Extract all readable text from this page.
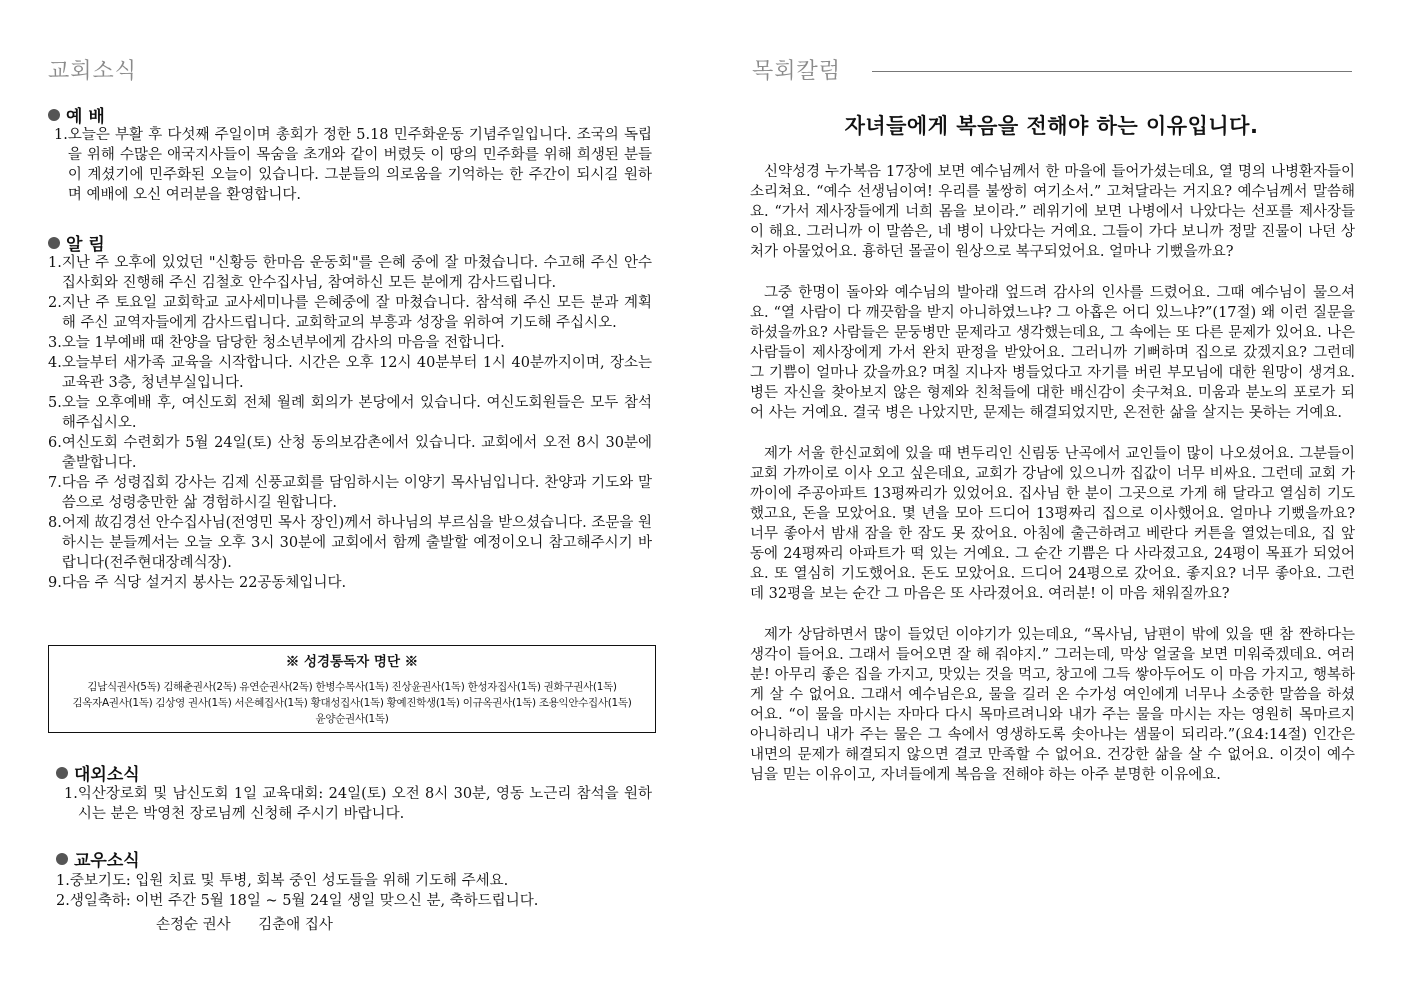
교회소식
예 배
1. 오늘은 부활 후 다섯째 주일이며 총회가 정한 5.18 민주화운동 기념주일입니다. 조국의 독립을 위해 수많은 애국지사들이 목숨을 초개와 같이 버렸듯 이 땅의 민주화를 위해 희생된 분들이 계셨기에 민주화된 오늘이 있습니다. 그분들의 의로움을 기억하는 한 주간이 되시길 원하며 예배에 오신 여러분을 환영합니다.
알 림
1. 지난 주 오후에 있었던 "신황등 한마음 운동회"를 은혜 중에 잘 마쳤습니다. 수고해 주신 안수집사회와 진행해 주신 김철호 안수집사님, 참여하신 모든 분에게 감사드립니다.
2. 지난 주 토요일 교회학교 교사세미나를 은혜중에 잘 마쳤습니다. 참석해 주신 모든 분과 계획해 주신 교역자들에게 감사드립니다. 교회학교의 부흥과 성장을 위하여 기도해 주십시오.
3. 오늘 1부예배 때 찬양을 담당한 청소년부에게 감사의 마음을 전합니다.
4. 오늘부터 새가족 교육을 시작합니다. 시간은 오후 12시 40분부터 1시 40분까지이며, 장소는 교육관 3층, 청년부실입니다.
5. 오늘 오후예배 후, 여신도회 전체 월례 회의가 본당에서 있습니다. 여신도회원들은 모두 참석해주십시오.
6. 여신도회 수련회가 5월 24일(토) 산청 동의보감촌에서 있습니다. 교회에서 오전 8시 30분에 출발합니다.
7. 다음 주 성령집회 강사는 김제 신풍교회를 담임하시는 이양기 목사님입니다. 찬양과 기도와 말씀으로 성령충만한 삶 경험하시길 원합니다.
8. 어제 故김경선 안수집사님(전영민 목사 장인)께서 하나님의 부르심을 받으셨습니다. 조문을 원하시는 분들께서는 오늘 오후 3시 30분에 교회에서 함께 출발할 예정이오니 참고해주시기 바랍니다(전주현대장례식장).
9. 다음 주 식당 설거지 봉사는 22공동체입니다.
※ 성경통독자 명단 ※
김남식권사(5독) 김해춘권사(2독) 유연순권사(2독) 한병수목사(1독) 진상윤권사(1독) 한성자집사(1독) 권화구권사(1독)
김옥자A권사(1독) 김상영 권사(1독) 서은혜집사(1독) 황대성집사(1독) 황예진학생(1독) 이규옥권사(1독) 조용익안수집사(1독)
윤양순권사(1독)
대외소식
1. 익산장로회 및 남신도회 1일 교육대회: 24일(토) 오전 8시 30분, 영동 노근리 참석을 원하시는 분은 박영천 장로님께 신청해 주시기 바랍니다.
교우소식
1. 중보기도: 입원 치료 및 투병, 회복 중인 성도들을 위해 기도해 주세요.
2. 생일축하: 이번 주간 5월 18일 ~ 5월 24일 생일 맞으신 분, 축하드립니다.
손정순 권사      김춘애 집사
목회칼럼
자녀들에게 복음을 전해야 하는 이유입니다.

신약성경 누가복음 17장에 보면 예수님께서 한 마을에 들어가셨는데요, 열 명의 나병환자들이 소리쳐요. “예수 선생님이여! 우리를 불쌍히 여기소서.” 고쳐달라는 거지요? 예수님께서 말씀해요. “가서 제사장들에게 너희 몸을 보이라.” 레위기에 보면 나병에서 나았다는 선포를 제사장들이 해요. 그러니까 이 말씀은, 네 병이 나았다는 거예요. 그들이 가다 보니까 정말 진물이 나던 상처가 아물었어요. 흉하던 몰골이 원상으로 복구되었어요. 얼마나 기뻤을까요?

그중 한명이 돌아와 예수님의 발아래 엎드려 감사의 인사를 드렸어요. 그때 예수님이 물으셔요. “열 사람이 다 깨끗함을 받지 아니하였느냐? 그 아홉은 어디 있느냐?”(17절) 왜 이런 질문을 하셨을까요? 사람들은 문둥병만 문제라고 생각했는데요, 그 속에는 또 다른 문제가 있어요. 나은 사람들이 제사장에게 가서 완치 판정을 받았어요. 그러니까 기뻐하며 집으로 갔겠지요? 그런데 그 기쁨이 얼마나 갔을까요? 며칠 지나자 병들었다고 자기를 버린 부모님에 대한 원망이 생겨요. 병든 자신을 찾아보지 않은 형제와 친척들에 대한 배신감이 솟구쳐요. 미움과 분노의 포로가 되어 사는 거예요. 결국 병은 나았지만, 문제는 해결되었지만, 온전한 삶을 살지는 못하는 거예요.

제가 서울 한신교회에 있을 때 변두리인 신림동 난곡에서 교인들이 많이 나오셨어요. 그분들이 교회 가까이로 이사 오고 싶은데요, 교회가 강남에 있으니까 집값이 너무 비싸요. 그런데 교회 가까이에 주공아파트 13평짜리가 있었어요. 집사님 한 분이 그곳으로 가게 해 달라고 열심히 기도했고요, 돈을 모았어요. 몇 년을 모아 드디어 13평짜리 집으로 이사했어요. 얼마나 기뻤을까요? 너무 좋아서 밤새 잠을 한 잠도 못 잤어요. 아침에 출근하려고 베란다 커튼을 열었는데요, 집 앞 동에 24평짜리 아파트가 떡 있는 거예요. 그 순간 기쁨은 다 사라졌고요, 24평이 목표가 되었어요. 또 열심히 기도했어요. 돈도 모았어요. 드디어 24평으로 갔어요. 좋지요? 너무 좋아요. 그런데 32평을 보는 순간 그 마음은 또 사라졌어요. 여러분! 이 마음 채워질까요?

제가 상담하면서 많이 들었던 이야기가 있는데요, “목사님, 남편이 밖에 있을 땐 참 짠하다는 생각이 들어요. 그래서 들어오면 잘 해 줘야지.” 그러는데, 막상 얼굴을 보면 미워죽겠데요. 여러분! 아무리 좋은 집을 가지고, 맛있는 것을 먹고, 창고에 그득 쌓아두어도 이 마음 가지고, 행복하게 살 수 없어요. 그래서 예수님은요, 물을 길러 온 수가성 여인에게 너무나 소중한 말씀을 하셨어요. “이 물을 마시는 자마다 다시 목마르려니와 내가 주는 물을 마시는 자는 영원히 목마르지 아니하리니 내가 주는 물은 그 속에서 영생하도록 솟아나는 샘물이 되리라.”(요4:14절) 인간은 내면의 문제가 해결되지 않으면 결코 만족할 수 없어요. 건강한 삶을 살 수 없어요. 이것이 예수님을 믿는 이유이고, 자녀들에게 복음을 전해야 하는 아주 분명한 이유에요.
